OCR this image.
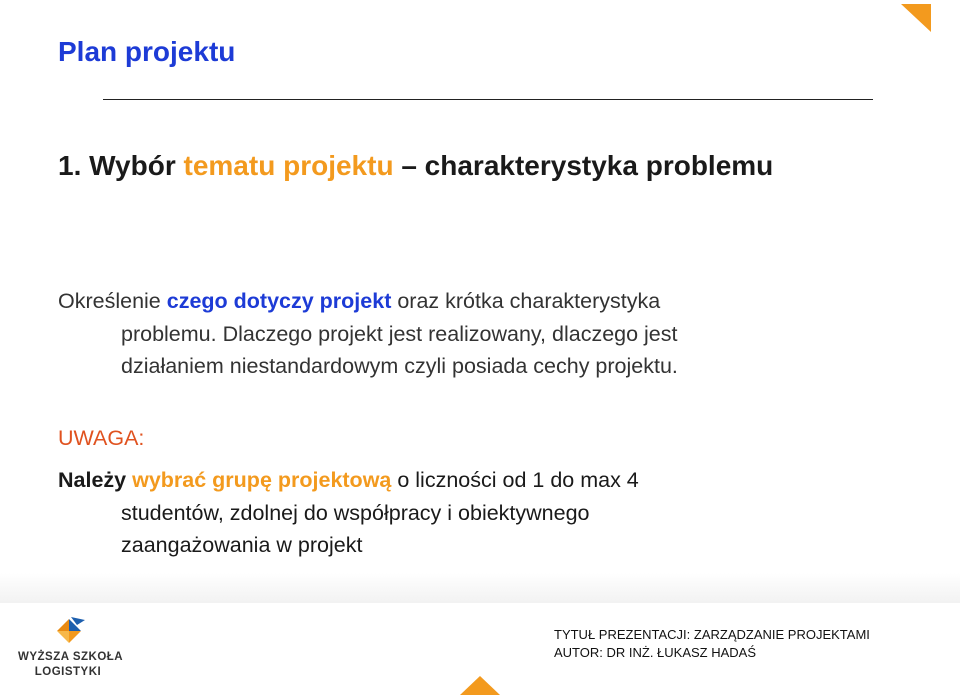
Plan projektu
1. Wybór tematu projektu – charakterystyka problemu
Określenie czego dotyczy projekt oraz krótka charakterystyka
problemu. Dlaczego projekt jest realizowany, dlaczego jest
działaniem niestandardowym czyli posiada cechy projektu.
UWAGA:
Należy wybrać grupę projektową o liczności od 1 do max 4
studentów, zdolnej do współpracy i obiektywnego
zaangażowania w projekt
WYŻSZA SZKOŁA
LOGISTYKI
TYTUŁ PREZENTACJI: ZARZĄDZANIE PROJEKTAMI
AUTOR: DR INŻ. ŁUKASZ HADAŚ
